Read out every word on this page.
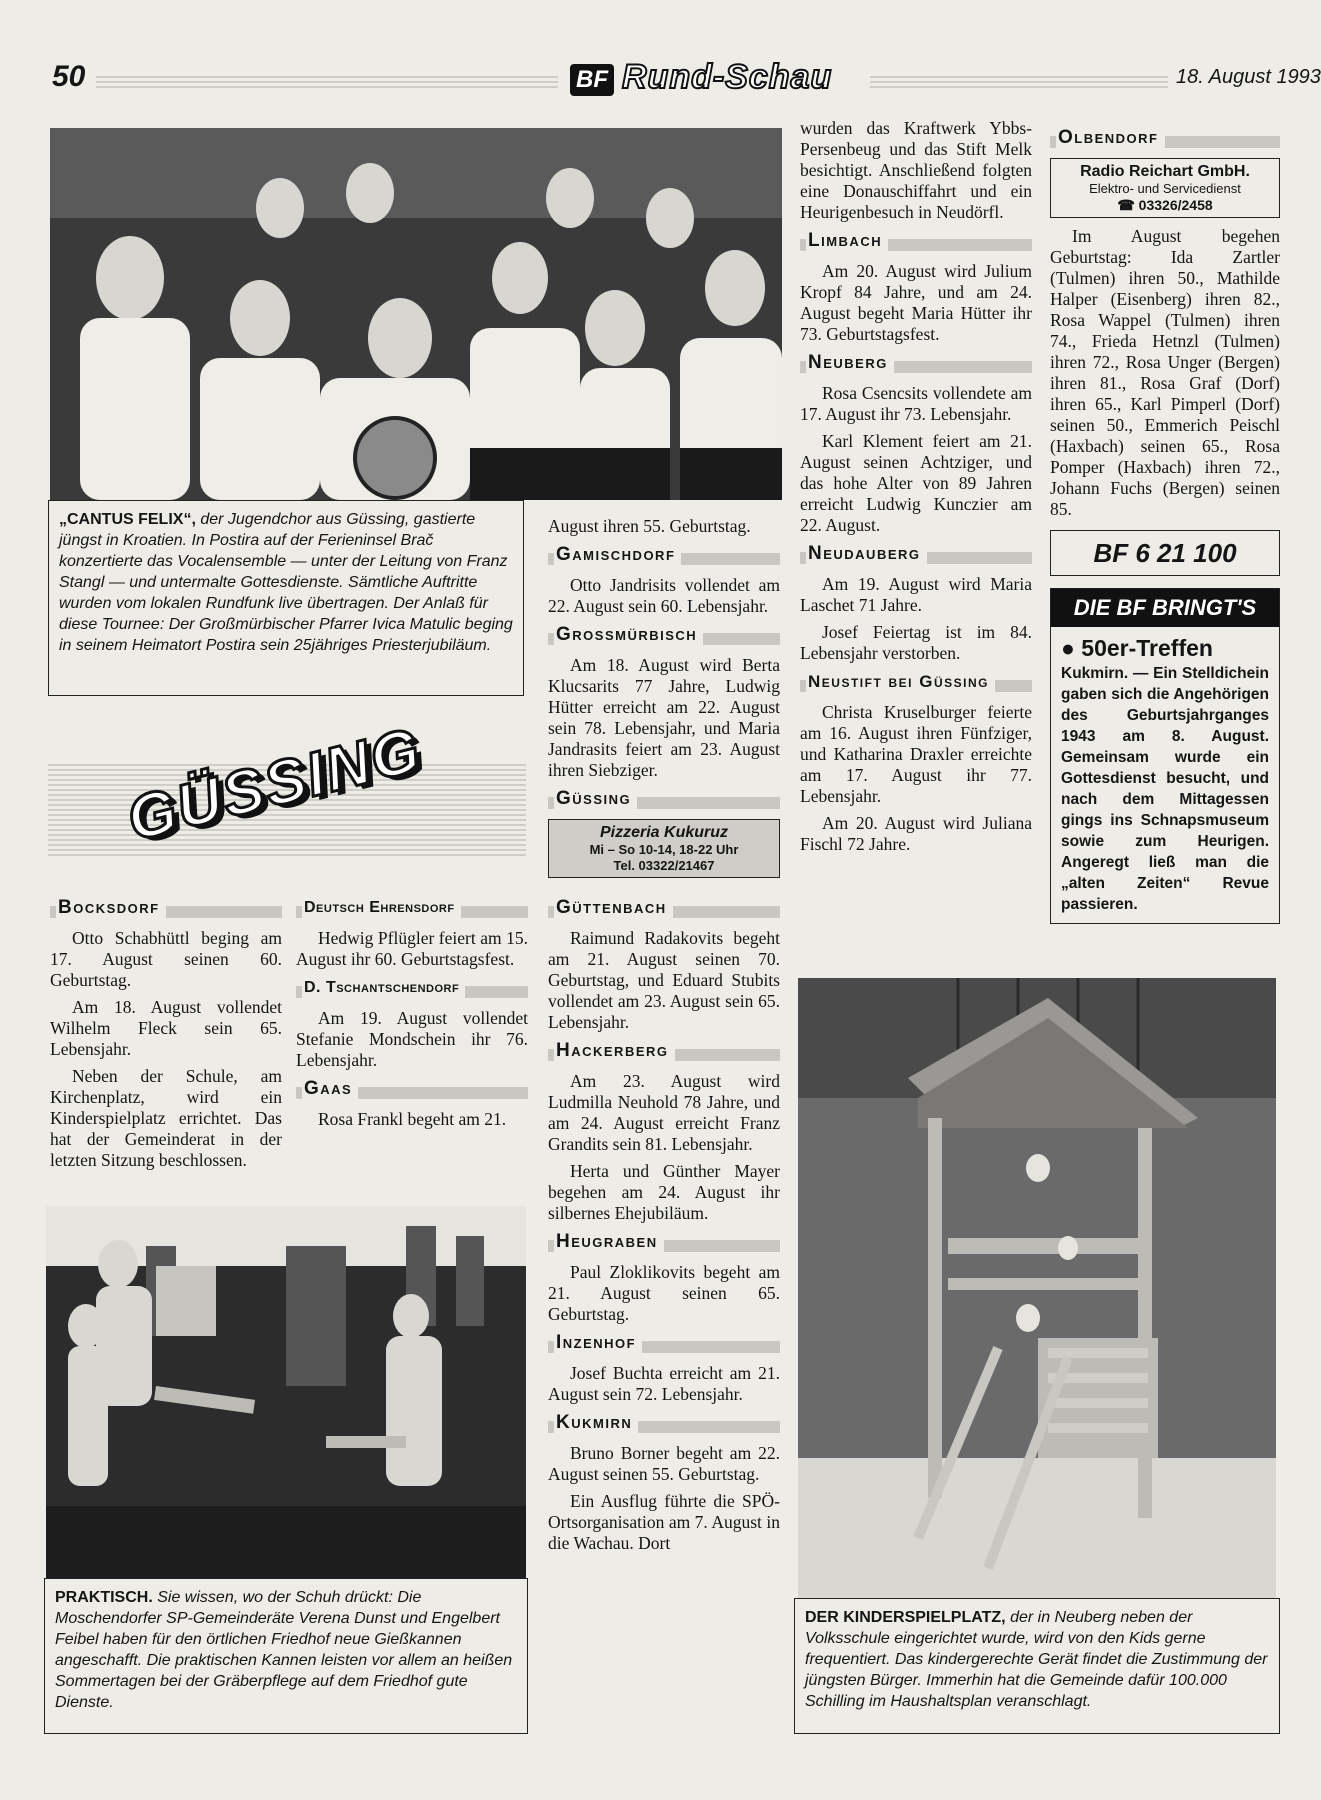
50	BF Rund-Schau	18. August 1993
„CANTUS FELIX“, der Jugendchor aus Güssing, gastierte jüngst in Kroatien. In Postira auf der Ferieninsel Brač konzertierte das Vocalensemble — unter der Leitung von Franz Stangl — und untermalte Gottesdienste. Sämtliche Auftritte wurden vom lokalen Rundfunk live übertragen. Der Anlaß für diese Tournee: Der Großmürbischer Pfarrer Ivica Matulic beging in seinem Heimatort Postira sein 25jähriges Priesterjubiläum.
GÜSSING
Bocksdorf

Otto Schabhüttl beging am 17. August seinen 60. Geburtstag.

Am 18. August vollendet Wilhelm Fleck sein 65. Lebensjahr.

Neben der Schule, am Kirchenplatz, wird ein Kinderspielplatz errichtet. Das hat der Gemeinderat in der letzten Sitzung beschlossen.

Deutsch Ehrensdorf

Hedwig Pflügler feiert am 15. August ihr 60. Geburtstagsfest.

D. Tschantschendorf

Am 19. August vollendet Stefanie Mondschein ihr 76. Lebensjahr.

Gaas

Rosa Frankl begeht am 21.

PRAKTISCH. Sie wissen, wo der Schuh drückt: Die Moschendorfer SP-Gemeinderäte Verena Dunst und Engelbert Feibel haben für den örtlichen Friedhof neue Gießkannen angeschafft. Die praktischen Kannen leisten vor allem an heißen Sommertagen bei der Gräberpflege auf dem Friedhof gute Dienste.

August ihren 55. Geburtstag.

Gamischdorf

Otto Jandrisits vollendet am 22. August sein 60. Lebensjahr.

Grossmürbisch

Am 18. August wird Berta Klucsarits 77 Jahre, Ludwig Hütter erreicht am 22. August sein 78. Lebensjahr, und Maria Jandrasits feiert am 23. August ihren Siebziger.

Güssing
Pizzeria Kukuruz
Mi – So 10-14, 18-22 Uhr
Tel. 03322/21467
Güttenbach

Raimund Radakovits begeht am 21. August seinen 70. Geburtstag, und Eduard Stubits vollendet am 23. August sein 65. Lebensjahr.

Hackerberg

Am 23. August wird Ludmilla Neuhold 78 Jahre, und am 24. August erreicht Franz Grandits sein 81. Lebensjahr.

Herta und Günther Mayer begehen am 24. August ihr silbernes Ehejubiläum.

Heugraben

Paul Zloklikovits begeht am 21. August seinen 65. Geburtstag.

Inzenhof

Josef Buchta erreicht am 21. August sein 72. Lebensjahr.

Kukmirn

Bruno Borner begeht am 22. August seinen 55. Geburtstag.

Ein Ausflug führte die SPÖ-Ortsorganisation am 7. August in die Wachau. Dort

wurden das Kraftwerk Ybbs-Persenbeug und das Stift Melk besichtigt. Anschließend folgten eine Donauschiffahrt und ein Heurigenbesuch in Neudörfl.

Limbach

Am 20. August wird Julium Kropf 84 Jahre, und am 24. August begeht Maria Hütter ihr 73. Geburtstagsfest.

Neuberg

Rosa Csencsits vollendete am 17. August ihr 73. Lebensjahr.

Karl Klement feiert am 21. August seinen Achtziger, und das hohe Alter von 89 Jahren erreicht Ludwig Kunczier am 22. August.

Neudauberg

Am 19. August wird Maria Laschet 71 Jahre.

Josef Feiertag ist im 84. Lebensjahr verstorben.

Neustift bei Güssing

Christa Kruselburger feierte am 16. August ihren Fünfziger, und Katharina Draxler erreichte am 17. August ihr 77. Lebensjahr.

Am 20. August wird Juliana Fischl 72 Jahre.

Olbendorf
Radio Reichart GmbH.
Elektro- und Servicedienst
☎ 03326/2458

Im August begehen Geburtstag: Ida Zartler (Tulmen) ihren 50., Mathilde Halper (Eisenberg) ihren 82., Rosa Wappel (Tulmen) ihren 74., Frieda Hetnzl (Tulmen) ihren 72., Rosa Unger (Bergen) ihren 81., Rosa Graf (Dorf) ihren 65., Karl Pimperl (Dorf) seinen 50., Emmerich Peischl (Haxbach) seinen 65., Rosa Pomper (Haxbach) ihren 72., Johann Fuchs (Bergen) seinen 85.

BF 6 21 100
DIE BF BRINGT'S
● 50er-Treffen
Kukmirn. — Ein Stelldichein gaben sich die Angehörigen des Geburtsjahrganges 1943 am 8. August. Gemeinsam wurde ein Gottesdienst besucht, und nach dem Mittagessen gings ins Schnapsmuseum sowie zum Heurigen. Angeregt ließ man die „alten Zeiten“ Revue passieren.
DER KINDERSPIELPLATZ, der in Neuberg neben der Volksschule eingerichtet wurde, wird von den Kids gerne frequentiert. Das kindergerechte Gerät findet die Zustimmung der jüngsten Bürger. Immerhin hat die Gemeinde dafür 100.000 Schilling im Haushaltsplan veranschlagt.
